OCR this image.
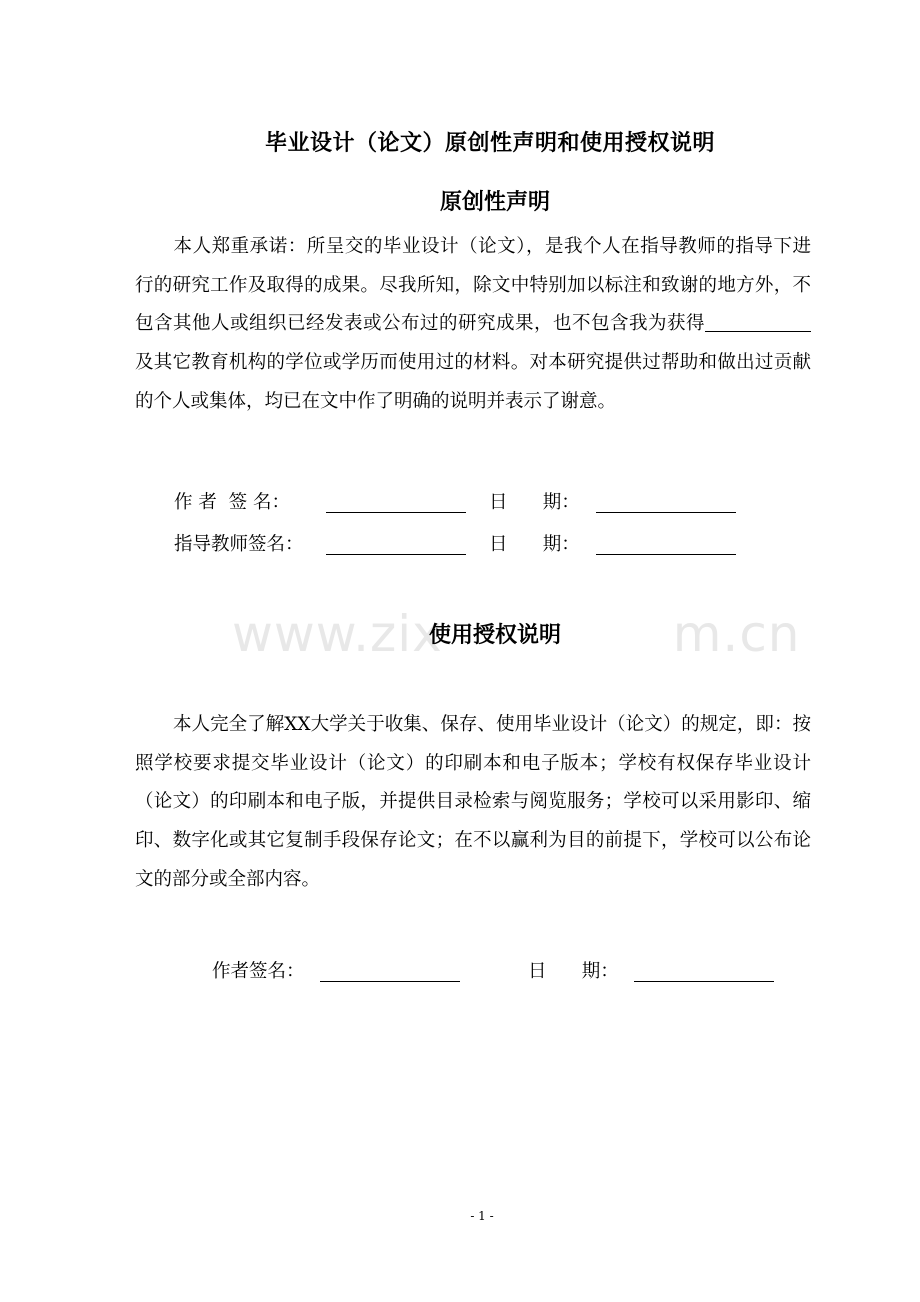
www.zix	m.cn
毕业设计（论文）原创性声明和使用授权说明
原创性声明
本人郑重承诺：所呈交的毕业设计（论文），是我个人在指导教师的指导下进行的研究工作及取得的成果。尽我所知，除文中特别加以标注和致谢的地方外，不包含其他人或组织已经发表或公布过的研究成果，也不包含我为获得及其它教育机构的学位或学历而使用过的材料。对本研究提供过帮助和做出过贡献的个人或集体，均已在文中作了明确的说明并表示了谢意。
作 者  签 名：	日      期：
指导教师签名：	日      期：
使用授权说明
本人完全了解XX大学关于收集、保存、使用毕业设计（论文）的规定，即：按照学校要求提交毕业设计（论文）的印刷本和电子版本；学校有权保存毕业设计（论文）的印刷本和电子版，并提供目录检索与阅览服务；学校可以采用影印、缩印、数字化或其它复制手段保存论文；在不以赢利为目的前提下，学校可以公布论文的部分或全部内容。
作者签名：	日      期：
- 1 -
